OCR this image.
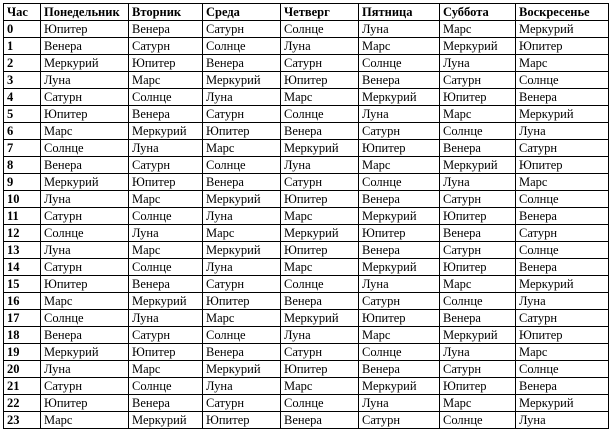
Час	Понедельник	Вторник	Среда	Четверг	Пятница	Суббота	Воскресенье
0	Юпитер	Венера	Сатурн	Солнце	Луна	Марс	Меркурий
1	Венера	Сатурн	Солнце	Луна	Марс	Меркурий	Юпитер
2	Меркурий	Юпитер	Венера	Сатурн	Солнце	Луна	Марс
3	Луна	Марс	Меркурий	Юпитер	Венера	Сатурн	Солнце
4	Сатурн	Солнце	Луна	Марс	Меркурий	Юпитер	Венера
5	Юпитер	Венера	Сатурн	Солнце	Луна	Марс	Меркурий
6	Марс	Меркурий	Юпитер	Венера	Сатурн	Солнце	Луна
7	Солнце	Луна	Марс	Меркурий	Юпитер	Венера	Сатурн
8	Венера	Сатурн	Солнце	Луна	Марс	Меркурий	Юпитер
9	Меркурий	Юпитер	Венера	Сатурн	Солнце	Луна	Марс
10	Луна	Марс	Меркурий	Юпитер	Венера	Сатурн	Солнце
11	Сатурн	Солнце	Луна	Марс	Меркурий	Юпитер	Венера
12	Солнце	Луна	Марс	Меркурий	Юпитер	Венера	Сатурн
13	Луна	Марс	Меркурий	Юпитер	Венера	Сатурн	Солнце
14	Сатурн	Солнце	Луна	Марс	Меркурий	Юпитер	Венера
15	Юпитер	Венера	Сатурн	Солнце	Луна	Марс	Меркурий
16	Марс	Меркурий	Юпитер	Венера	Сатурн	Солнце	Луна
17	Солнце	Луна	Марс	Меркурий	Юпитер	Венера	Сатурн
18	Венера	Сатурн	Солнце	Луна	Марс	Меркурий	Юпитер
19	Меркурий	Юпитер	Венера	Сатурн	Солнце	Луна	Марс
20	Луна	Марс	Меркурий	Юпитер	Венера	Сатурн	Солнце
21	Сатурн	Солнце	Луна	Марс	Меркурий	Юпитер	Венера
22	Юпитер	Венера	Сатурн	Солнце	Луна	Марс	Меркурий
23	Марс	Меркурий	Юпитер	Венера	Сатурн	Солнце	Луна
